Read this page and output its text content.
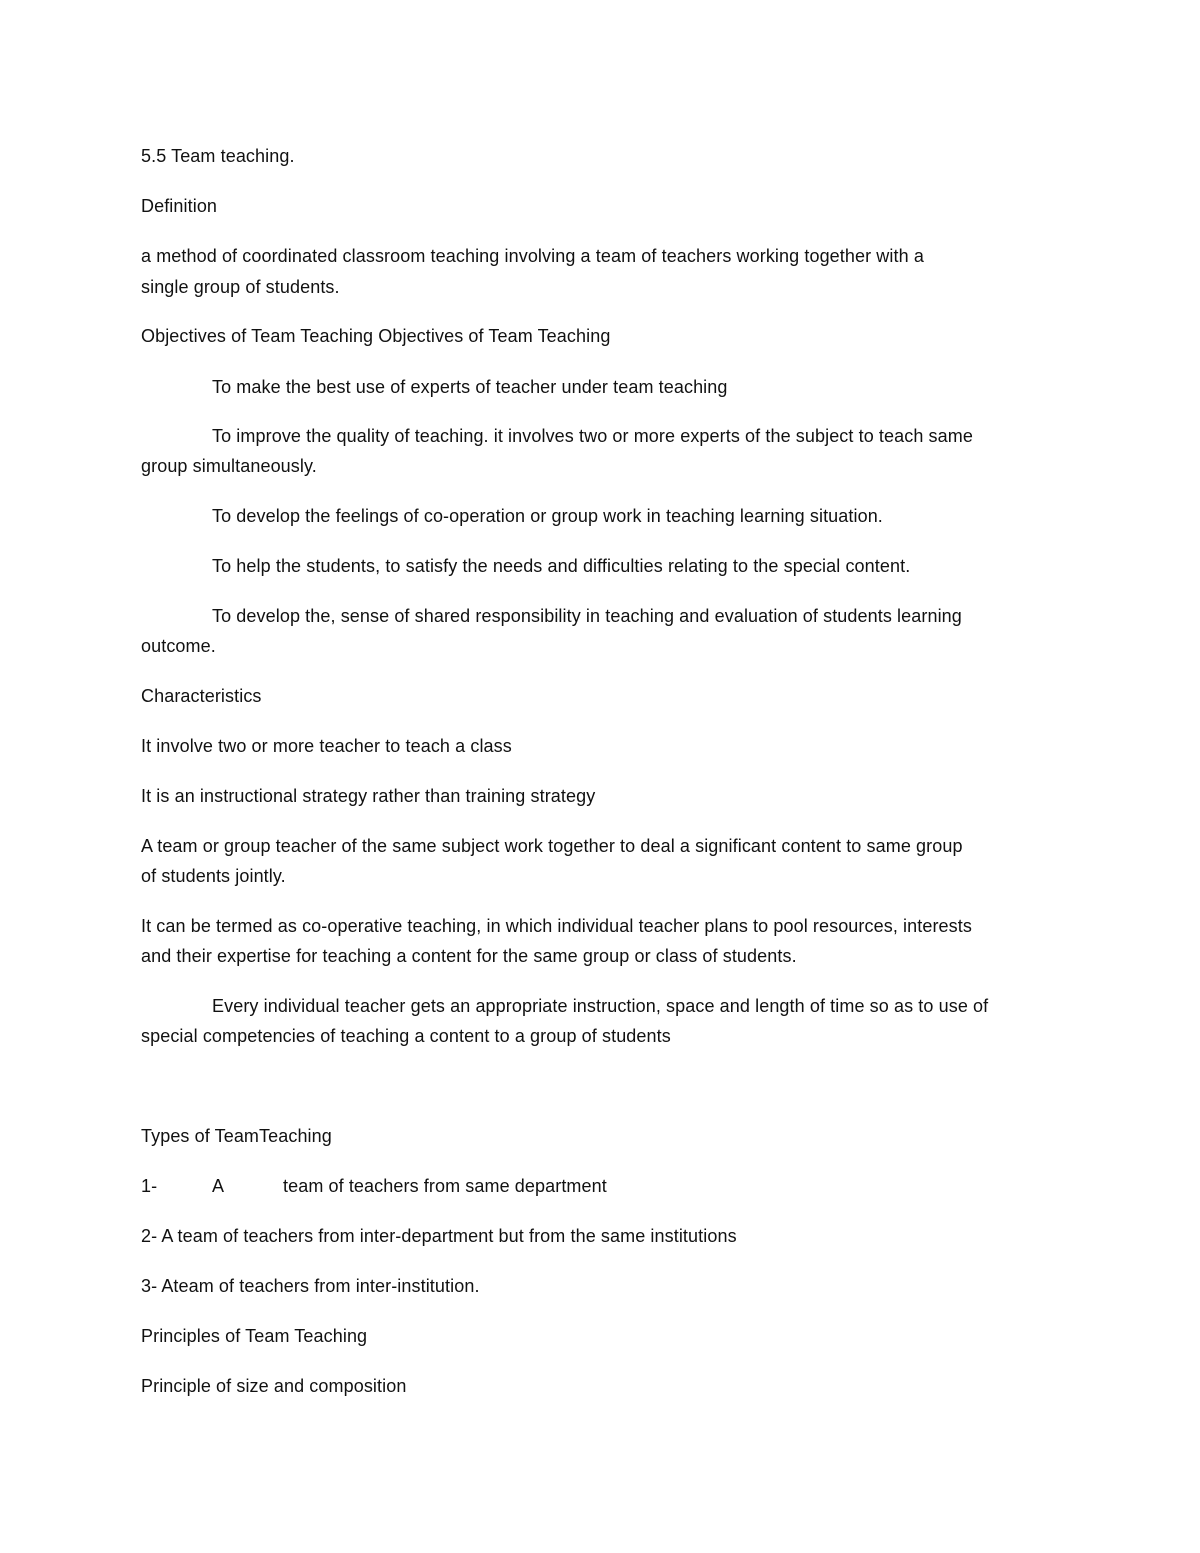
5.5 Team teaching.
Definition
a method of coordinated classroom teaching involving a team of teachers working together with a
single group of students.
Objectives of Team Teaching Objectives of Team Teaching
To make the best use of experts of teacher under team teaching
To improve the quality of teaching. it involves two or more experts of the subject to teach same
group simultaneously.
To develop the feelings of co-operation or group work in teaching learning situation.
To help the students, to satisfy the needs and difficulties relating to the special content.
To develop the, sense of shared responsibility in teaching and evaluation of students learning
outcome.
Characteristics
It involve two or more teacher to teach a class
It is an instructional strategy rather than training strategy
A team or group teacher of the same subject work together to deal a significant content to same group
of students jointly.
It can be termed as co-operative teaching, in which individual teacher plans to pool resources, interests
and their expertise for teaching a content for the same group or class of students.
Every individual teacher gets an appropriate instruction, space and length of time so as to use of
special competencies of teaching a content to a group of students
Types of TeamTeaching
1-	A	team of teachers from same department
2- A team of teachers from inter-department but from the same institutions
3- Ateam of teachers from inter-institution.
Principles of Team Teaching
Principle of size and composition
